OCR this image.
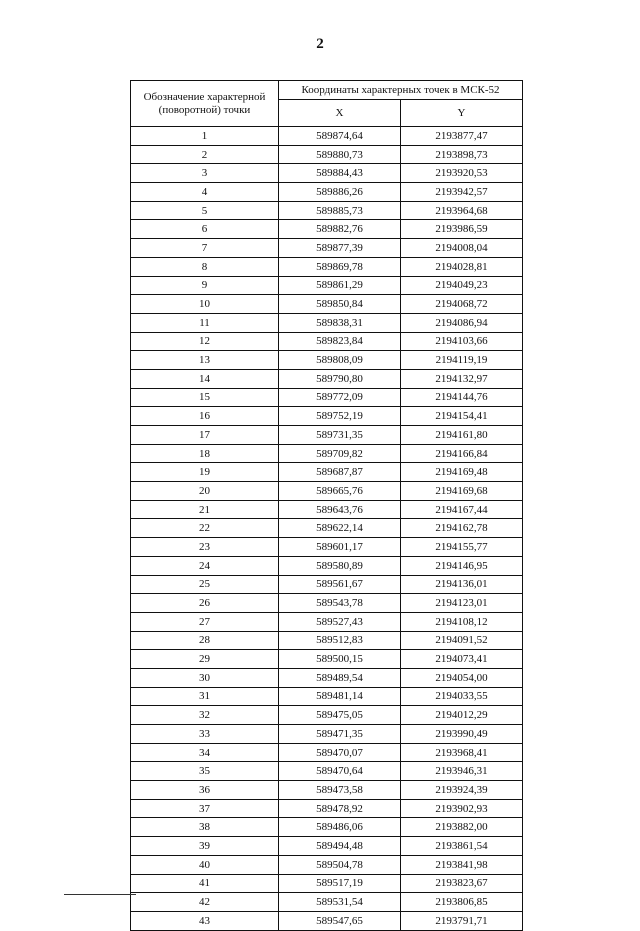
2
Обозначение характерной (поворотной) точки	Координаты характерных точек в МСК-52	
	X	Y
1	589874,64	2193877,47
2	589880,73	2193898,73
3	589884,43	2193920,53
4	589886,26	2193942,57
5	589885,73	2193964,68
6	589882,76	2193986,59
7	589877,39	2194008,04
8	589869,78	2194028,81
9	589861,29	2194049,23
10	589850,84	2194068,72
11	589838,31	2194086,94
12	589823,84	2194103,66
13	589808,09	2194119,19
14	589790,80	2194132,97
15	589772,09	2194144,76
16	589752,19	2194154,41
17	589731,35	2194161,80
18	589709,82	2194166,84
19	589687,87	2194169,48
20	589665,76	2194169,68
21	589643,76	2194167,44
22	589622,14	2194162,78
23	589601,17	2194155,77
24	589580,89	2194146,95
25	589561,67	2194136,01
26	589543,78	2194123,01
27	589527,43	2194108,12
28	589512,83	2194091,52
29	589500,15	2194073,41
30	589489,54	2194054,00
31	589481,14	2194033,55
32	589475,05	2194012,29
33	589471,35	2193990,49
34	589470,07	2193968,41
35	589470,64	2193946,31
36	589473,58	2193924,39
37	589478,92	2193902,93
38	589486,06	2193882,00
39	589494,48	2193861,54
40	589504,78	2193841,98
41	589517,19	2193823,67
42	589531,54	2193806,85
43	589547,65	2193791,71
